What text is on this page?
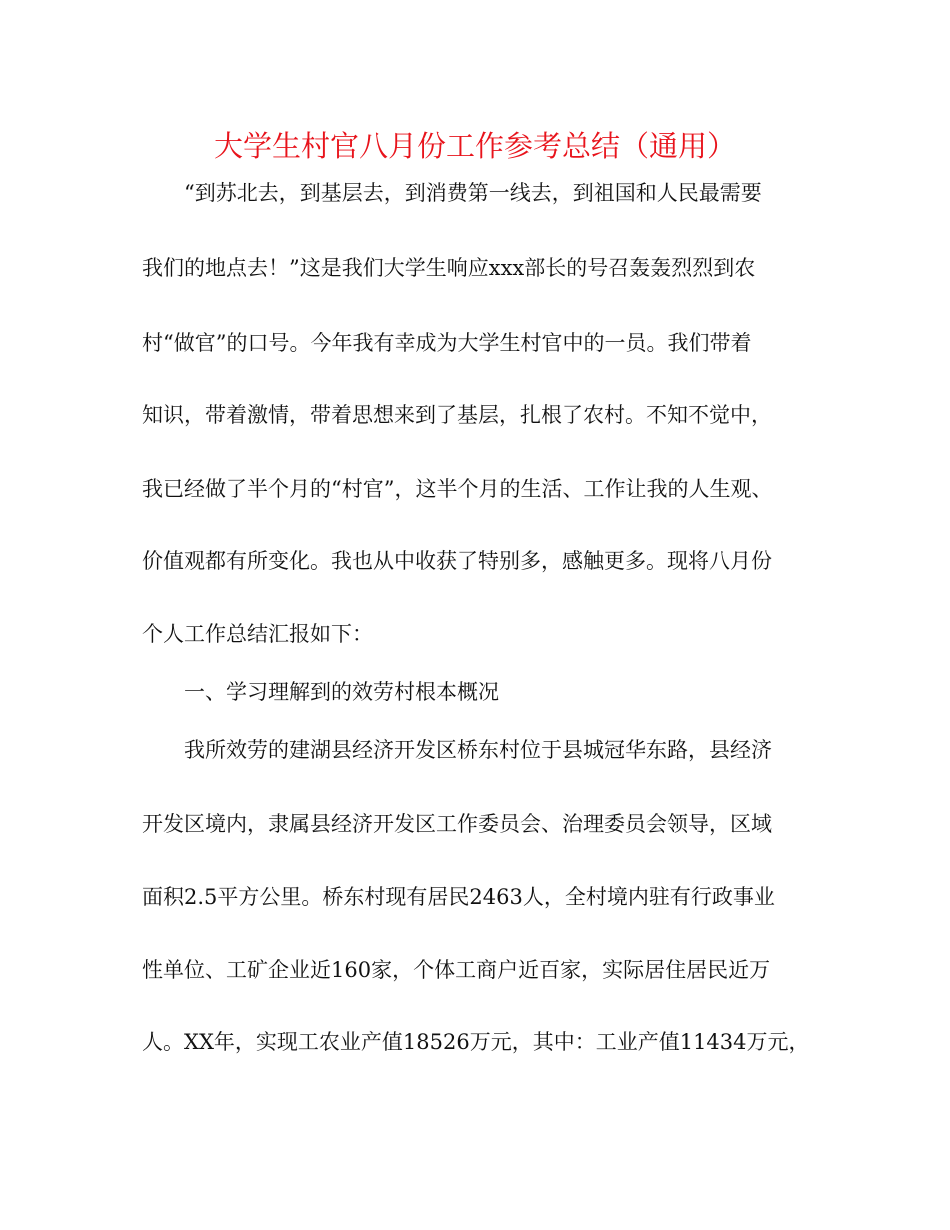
大学生村官八月份工作参考总结（通用）
“到苏北去，到基层去，到消费第一线去，到祖国和人民最需要
我们的地点去！”这是我们大学生响应xxx部长的号召轰轰烈烈到农
村“做官”的口号。今年我有幸成为大学生村官中的一员。我们带着
知识，带着激情，带着思想来到了基层，扎根了农村。不知不觉中，
我已经做了半个月的“村官”，这半个月的生活、工作让我的人生观、
价值观都有所变化。我也从中收获了特别多，感触更多。现将八月份
个人工作总结汇报如下：
一、学习理解到的效劳村根本概况
我所效劳的建湖县经济开发区桥东村位于县城冠华东路，县经济
开发区境内，隶属县经济开发区工作委员会、治理委员会领导，区域
面积2.5平方公里。桥东村现有居民2463人，全村境内驻有行政事业
性单位、工矿企业近160家，个体工商户近百家，实际居住居民近万
人。XX年，实现工农业产值18526万元，其中：工业产值11434万元，
